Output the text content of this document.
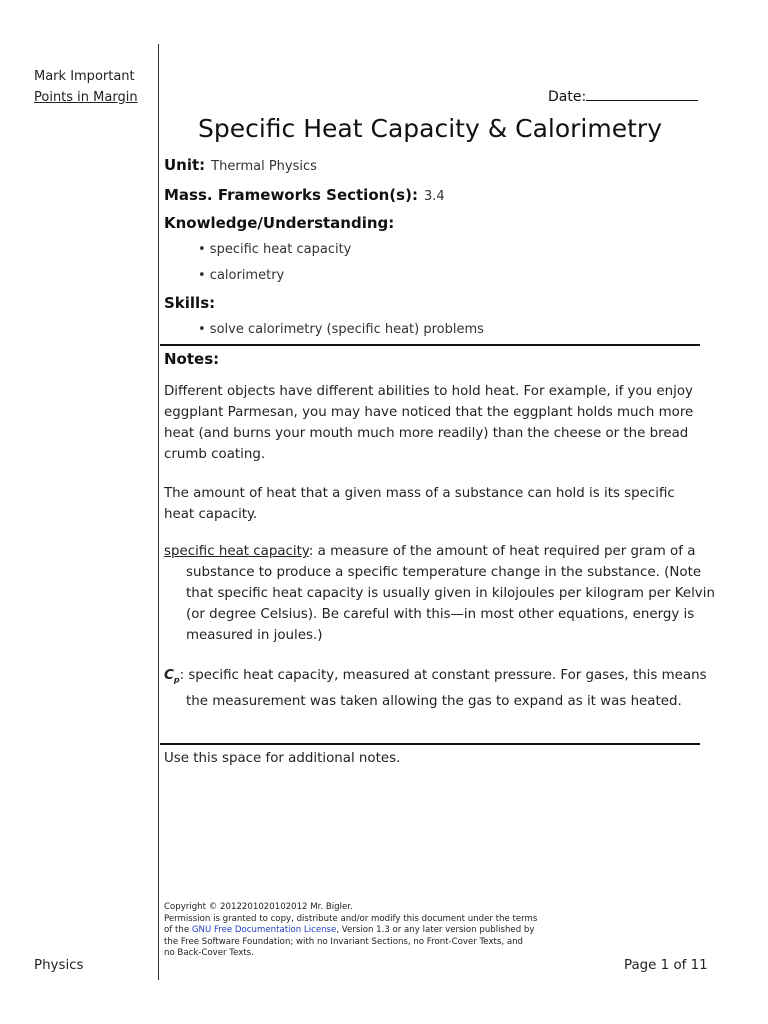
Mark Important
Points in Margin	Date:
Specific Heat Capacity & Calorimetry
Unit: Thermal Physics
Mass. Frameworks Section(s): 3.4
Knowledge/Understanding:
• specific heat capacity
• calorimetry
Skills:
• solve calorimetry (specific heat) problems
Notes:
Different objects have different abilities to hold heat. For example, if you enjoy eggplant Parmesan, you may have noticed that the eggplant holds much more heat (and burns your mouth much more readily) than the cheese or the bread crumb coating.
The amount of heat that a given mass of a substance can hold is its specific heat capacity.
specific heat capacity: a measure of the amount of heat required per gram of a substance to produce a specific temperature change in the substance. (Note that specific heat capacity is usually given in kilojoules per kilogram per Kelvin (or degree Celsius). Be careful with this—in most other equations, energy is measured in joules.)
$C_p$: specific heat capacity, measured at constant pressure. For gases, this means the measurement was taken allowing the gas to expand as it was heated.
Use this space for additional notes.
Copyright © 2012201020102012 Mr. Bigler.
Permission is granted to copy, distribute and/or modify this document under the terms
of the GNU Free Documentation License, Version 1.3 or any later version published by
the Free Software Foundation; with no Invariant Sections, no Front-Cover Texts, and
no Back-Cover Texts.
Physics	Page 1 of 11
